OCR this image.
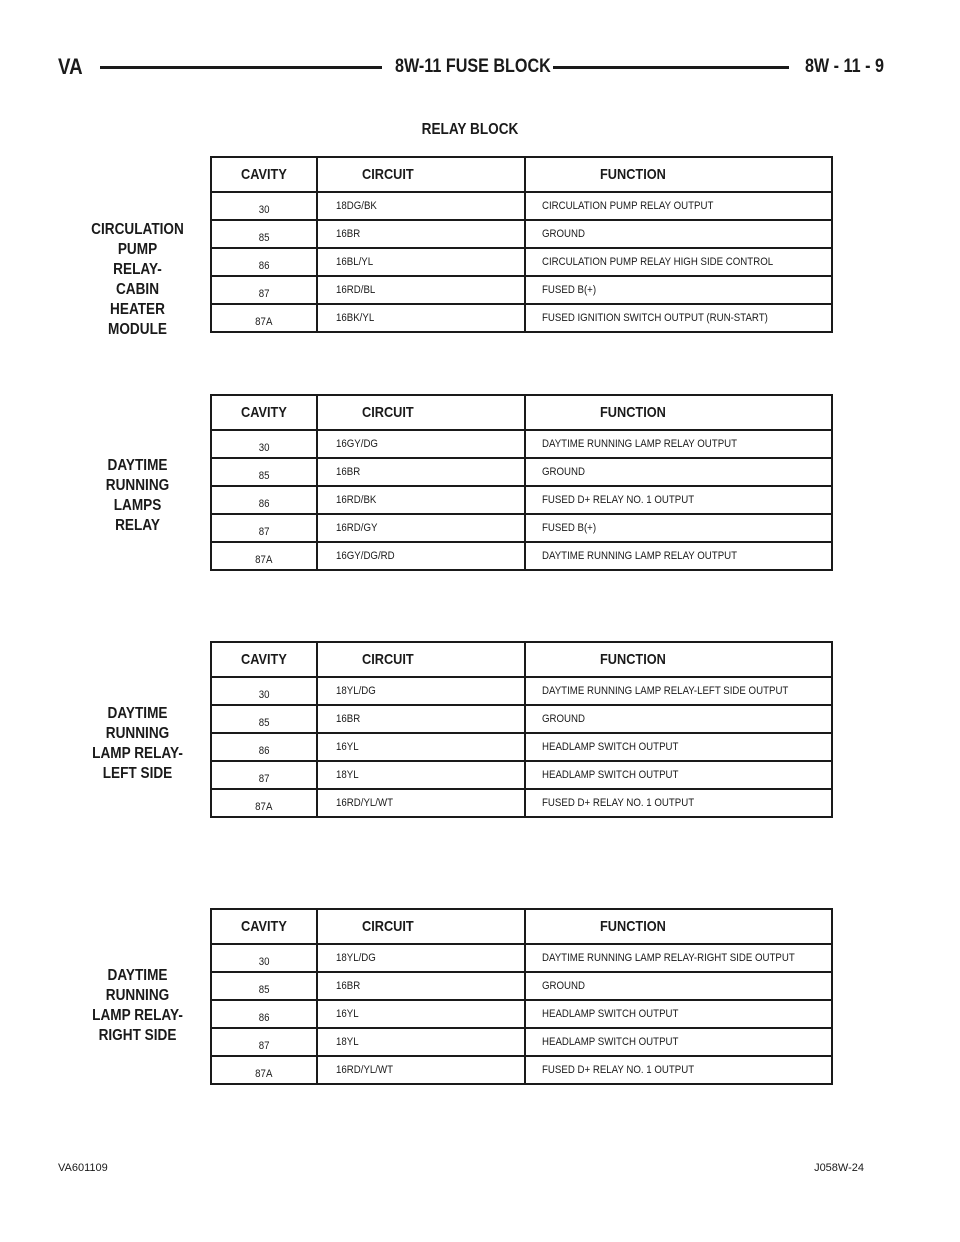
VA	8W-11 FUSE BLOCK	8W - 11 - 9
RELAY BLOCK
CIRCULATION
PUMP
RELAY-
CABIN
HEATER
MODULE
CAVITY	CIRCUIT	FUNCTION
30	18DG/BK	CIRCULATION PUMP RELAY OUTPUT
85	16BR	GROUND
86	16BL/YL	CIRCULATION PUMP RELAY HIGH SIDE CONTROL
87	16RD/BL	FUSED B(+)
87A	16BK/YL	FUSED IGNITION SWITCH OUTPUT (RUN-START)
DAYTIME
RUNNING
LAMPS
RELAY
CAVITY	CIRCUIT	FUNCTION
30	16GY/DG	DAYTIME RUNNING LAMP RELAY OUTPUT
85	16BR	GROUND
86	16RD/BK	FUSED D+ RELAY NO. 1 OUTPUT
87	16RD/GY	FUSED B(+)
87A	16GY/DG/RD	DAYTIME RUNNING LAMP RELAY OUTPUT
DAYTIME
RUNNING
LAMP RELAY-
LEFT SIDE
CAVITY	CIRCUIT	FUNCTION
30	18YL/DG	DAYTIME RUNNING LAMP RELAY-LEFT SIDE OUTPUT
85	16BR	GROUND
86	16YL	HEADLAMP SWITCH OUTPUT
87	18YL	HEADLAMP SWITCH OUTPUT
87A	16RD/YL/WT	FUSED D+ RELAY NO. 1 OUTPUT
DAYTIME
RUNNING
LAMP RELAY-
RIGHT SIDE
CAVITY	CIRCUIT	FUNCTION
30	18YL/DG	DAYTIME RUNNING LAMP RELAY-RIGHT SIDE OUTPUT
85	16BR	GROUND
86	16YL	HEADLAMP SWITCH OUTPUT
87	18YL	HEADLAMP SWITCH OUTPUT
87A	16RD/YL/WT	FUSED D+ RELAY NO. 1 OUTPUT
VA601109	J058W-24
